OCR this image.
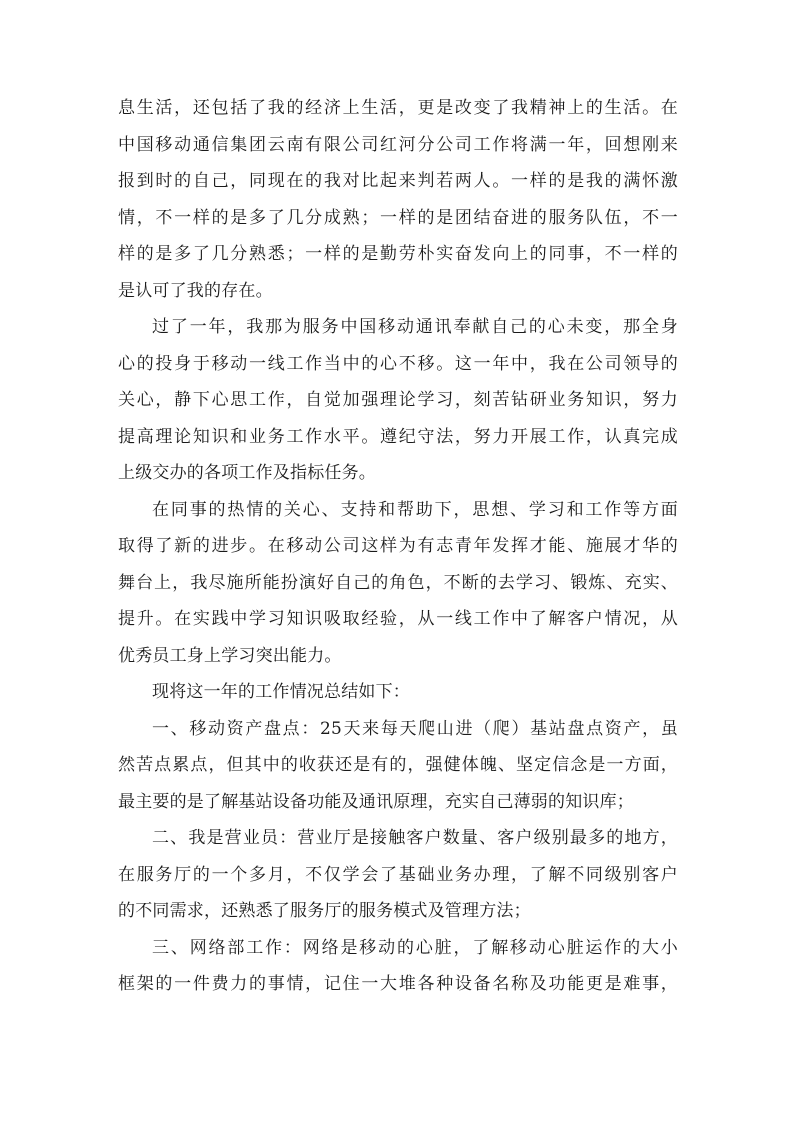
息生活，还包括了我的经济上生活，更是改变了我精神上的生活。在
中国移动通信集团云南有限公司红河分公司工作将满一年，回想刚来
报到时的自己，同现在的我对比起来判若两人。一样的是我的满怀激
情，不一样的是多了几分成熟；一样的是团结奋进的服务队伍，不一
样的是多了几分熟悉；一样的是勤劳朴实奋发向上的同事，不一样的
是认可了我的存在。
过了一年，我那为服务中国移动通讯奉献自己的心未变，那全身
心的投身于移动一线工作当中的心不移。这一年中，我在公司领导的
关心，静下心思工作，自觉加强理论学习，刻苦钻研业务知识，努力
提高理论知识和业务工作水平。遵纪守法，努力开展工作，认真完成
上级交办的各项工作及指标任务。
在同事的热情的关心、支持和帮助下，思想、学习和工作等方面
取得了新的进步。在移动公司这样为有志青年发挥才能、施展才华的
舞台上，我尽施所能扮演好自己的角色，不断的去学习、锻炼、充实、
提升。在实践中学习知识吸取经验，从一线工作中了解客户情况，从
优秀员工身上学习突出能力。
现将这一年的工作情况总结如下：
一、移动资产盘点：25天来每天爬山进（爬）基站盘点资产，虽
然苦点累点，但其中的收获还是有的，强健体魄、坚定信念是一方面，
最主要的是了解基站设备功能及通讯原理，充实自己薄弱的知识库；
二、我是营业员：营业厅是接触客户数量、客户级别最多的地方，
在服务厅的一个多月，不仅学会了基础业务办理，了解不同级别客户
的不同需求，还熟悉了服务厅的服务模式及管理方法；
三、网络部工作：网络是移动的心脏，了解移动心脏运作的大小
框架的一件费力的事情，记住一大堆各种设备名称及功能更是难事，
